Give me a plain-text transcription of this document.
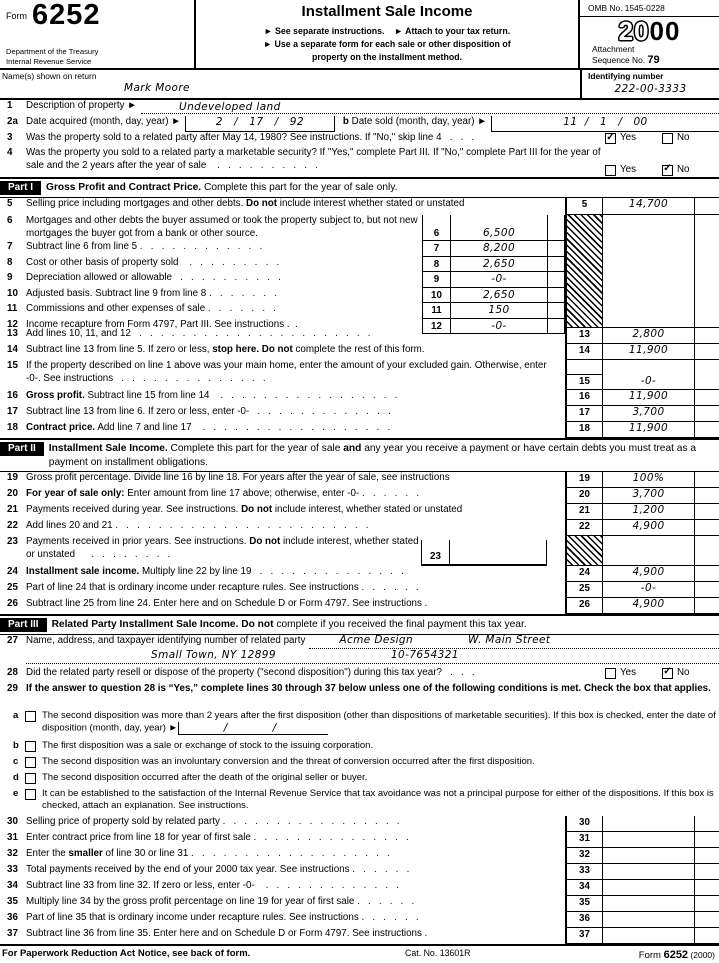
Form 6252
Department of the Treasury
Internal Revenue Service
Installment Sale Income
► See separate instructions. ► Attach to your tax return.
► Use a separate form for each sale or other disposition of
property on the installment method.
OMB No. 1545-0228
2000
Attachment
Sequence No. 79
Name(s) shown on return
Mark Moore
Identifying number
222-00-3333
1	Description of property ►	Undeveloped land
2a Date acquired (month, day, year) ►	2   /   17   /   92	b Date sold (month, day, year) ►	11  /   1   /   00
3	Was the property sold to a related party after May 14, 1980? See instructions. If "No," skip line 4   .   .   .	✓ Yes	No
4	Was the property you sold to a related party a marketable security? If "Yes," complete Part III. If "No," complete Part III for the year of sale and the 2 years after the year of sale    .   .   .   .   .   .   .   .   .   .	Yes	✓ No
Part I	Gross Profit and Contract Price. Complete this part for the year of sale only.
5	Selling price including mortgages and other debts. Do not include interest whether stated or unstated	5	14,700
6	Mortgages and other debts the buyer assumed or took the property subject to, but not new mortgages the buyer got from a bank or other source.	6	6,500
7	Subtract line 6 from line 5 .   .   .   .   .   .   .   .   .   .   .   .	7	8,200
8	Cost or other basis of property sold    .   .   .   .   .   .   .   .   .	8	2,650
9	Depreciation allowed or allowable   .   .   .   .   .   .   .   .   .   .	9	-0-
10 Adjusted basis. Subtract line 9 from line 8 .   .   .   .   .   .   .	10	2,650
11 Commissions and other expenses of sale .   .   .   .   .   .   .	11	150
12 Income recapture from Form 4797, Part III. See instructions .  .	12	-0-
13 Add lines 10, 11, and 12   .   .   .   .   .   .   .   .   .   .   .   .   .   .   .   .   .   .   .   .   .   .	13	2,800
14 Subtract line 13 from line 5. If zero or less, stop here. Do not complete the rest of this form.	14	11,900
15 If the property described on line 1 above was your main home, enter the amount of your excluded gain. Otherwise, enter -0-. See instructions   .   .   .   .   .   .   .   .   .   .   .   .   .   .	15	-0-
16 Gross profit. Subtract line 15 from line 14    .   .   .   .   .   .   .   .   .   .   .   .   .   .   .   .   .	16	11,900
17 Subtract line 13 from line 6. If zero or less, enter -0-   .   .   .   .   .   .   .   .   .   .   .   .   .	17	3,700
18 Contract price. Add line 7 and line 17    .   .   .   .   .   .   .   .   .   .   .   .   .   .   .   .   .   .	18	11,900
Part II	Installment Sale Income. Complete this part for the year of sale and any year you receive a payment or have certain debts you must treat as a payment on installment obligations.
19 Gross profit percentage. Divide line 16 by line 18. For years after the year of sale, see instructions	19	100%
20 For year of sale only: Enter amount from line 17 above; otherwise, enter -0- .   .   .   .   .   .	20	3,700
21 Payments received during year. See instructions. Do not include interest, whether stated or unstated	21	1,200
22 Add lines 20 and 21 .   .   .   .   .   .   .   .   .   .   .   .   .   .   .   .   .   .   .   .   .   .   .   .	22	4,900
23 Payments received in prior years. See instructions. Do not include interest, whether stated or unstated      .   .   .   .   .   .   .   .	23
24 Installment sale income. Multiply line 22 by line 19   .   .   .   .   .   .   .   .   .   .   .   .   .   .	24	4,900
25 Part of line 24 that is ordinary income under recapture rules. See instructions .   .   .   .   .   .	25	-0-
26 Subtract line 25 from line 24. Enter here and on Schedule D or Form 4797. See instructions .	26	4,900
Part III	Related Party Installment Sale Income. Do not complete if you received the final payment this tax year.
27 Name, address, and taxpayer identifying number of related party	Acme Design	W. Main Street
Small Town, NY 12899	10-7654321
28 Did the related party resell or dispose of the property ("second disposition") during this tax year?   .   .   .	Yes	✓ No
29 If the answer to question 28 is “Yes,” complete lines 30 through 37 below unless one of the following conditions is met. Check the box that applies.
a	The second disposition was more than 2 years after the first disposition (other than dispositions of marketable securities). If this box is checked, enter the date of disposition (month, day, year) ►            /            /
b	The first disposition was a sale or exchange of stock to the issuing corporation.
c	The second disposition was an involuntary conversion and the threat of conversion occurred after the first disposition.
d	The second disposition occurred after the death of the original seller or buyer.
e	It can be established to the satisfaction of the Internal Revenue Service that tax avoidance was not a principal purpose for either of the dispositions. If this box is checked, attach an explanation. See instructions.
30 Selling price of property sold by related party .   .   .   .   .   .   .   .   .   .   .   .   .   .   .   .   .	30
31 Enter contract price from line 18 for year of first sale .   .   .   .   .   .   .   .   .   .   .   .   .   .   .	31
32 Enter the smaller of line 30 or line 31 .   .   .   .   .   .   .   .   .   .   .   .   .   .   .   .   .   .   .	32
33 Total payments received by the end of your 2000 tax year. See instructions .   .   .   .   .   .	33
34 Subtract line 33 from line 32. If zero or less, enter -0-    .   .   .   .   .   .   .   .   .   .   .   .   .	34
35 Multiply line 34 by the gross profit percentage on line 19 for year of first sale .   .   .   .   .   .	35
36 Part of line 35 that is ordinary income under recapture rules. See instructions .   .   .   .   .   .	36
37 Subtract line 36 from line 35. Enter here and on Schedule D or Form 4797. See instructions .	37
For Paperwork Reduction Act Notice, see back of form.	Cat. No. 13601R	Form 6252 (2000)
